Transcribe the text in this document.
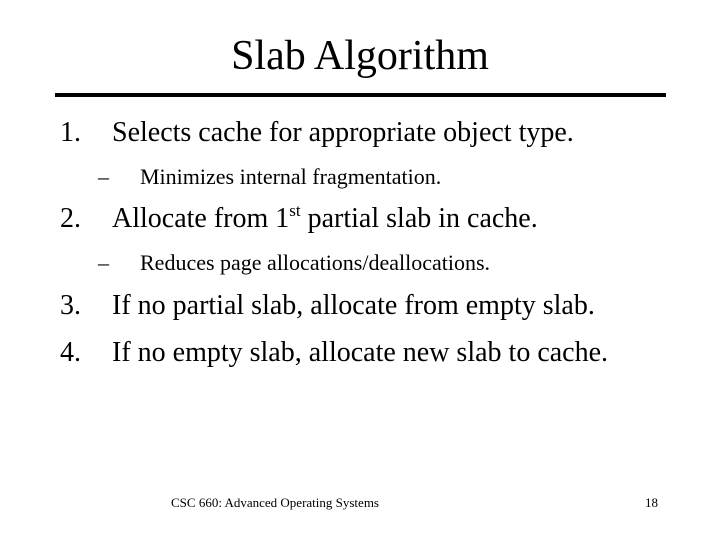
Slab Algorithm
1. Selects cache for appropriate object type.
– Minimizes internal fragmentation.
2. Allocate from 1st partial slab in cache.
– Reduces page allocations/deallocations.
3. If no partial slab, allocate from empty slab.
4. If no empty slab, allocate new slab to cache.
CSC 660: Advanced Operating Systems	18
